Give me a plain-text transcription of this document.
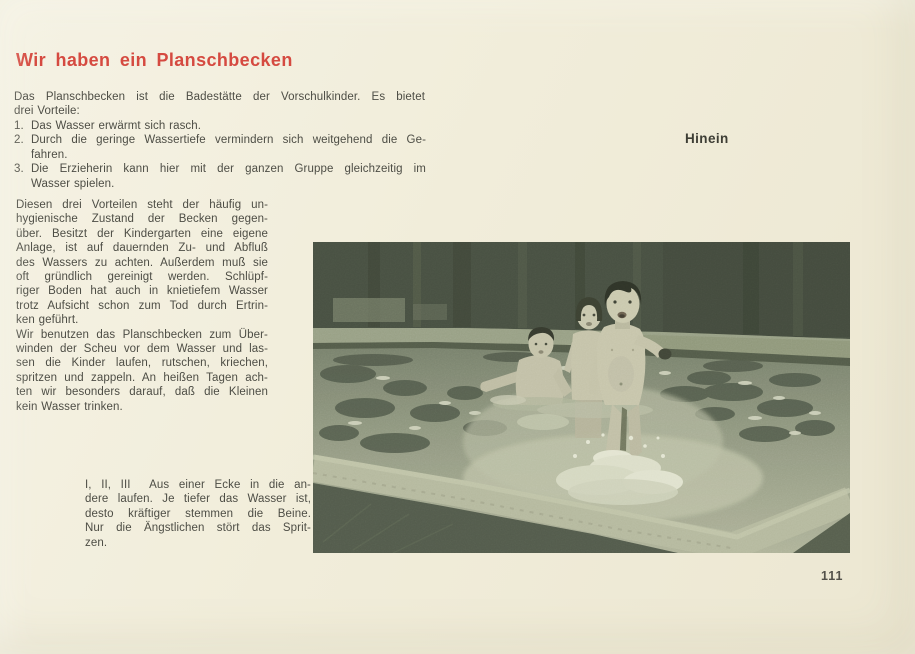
Wir haben ein Planschbecken
Das Planschbecken ist die Badestätte der Vorschulkinder. Es bietet
drei Vorteile:
1. Das Wasser erwärmt sich rasch.
2. Durch die geringe Wassertiefe vermindern sich weitgehend die Ge-
fahren.
3. Die Erzieherin kann hier mit der ganzen Gruppe gleichzeitig im
Wasser spielen.
Diesen drei Vorteilen steht der häufig un-
hygienische Zustand der Becken gegen-
über. Besitzt der Kindergarten eine eigene
Anlage, ist auf dauernden Zu- und Abfluß
des Wassers zu achten. Außerdem muß sie
oft gründlich gereinigt werden. Schlüpf-
riger Boden hat auch in knietiefem Wasser
trotz Aufsicht schon zum Tod durch Ertrin-
ken geführt.
Wir benutzen das Planschbecken zum Über-
winden der Scheu vor dem Wasser und las-
sen die Kinder laufen, rutschen, kriechen,
spritzen und zappeln. An heißen Tagen ach-
ten wir besonders darauf, daß die Kleinen
kein Wasser trinken.
Hinein
I, II, III  Aus einer Ecke in die an-
dere laufen. Je tiefer das Wasser ist,
desto kräftiger stemmen die Beine.
Nur die Ängstlichen stört das Sprit-
zen.
111
